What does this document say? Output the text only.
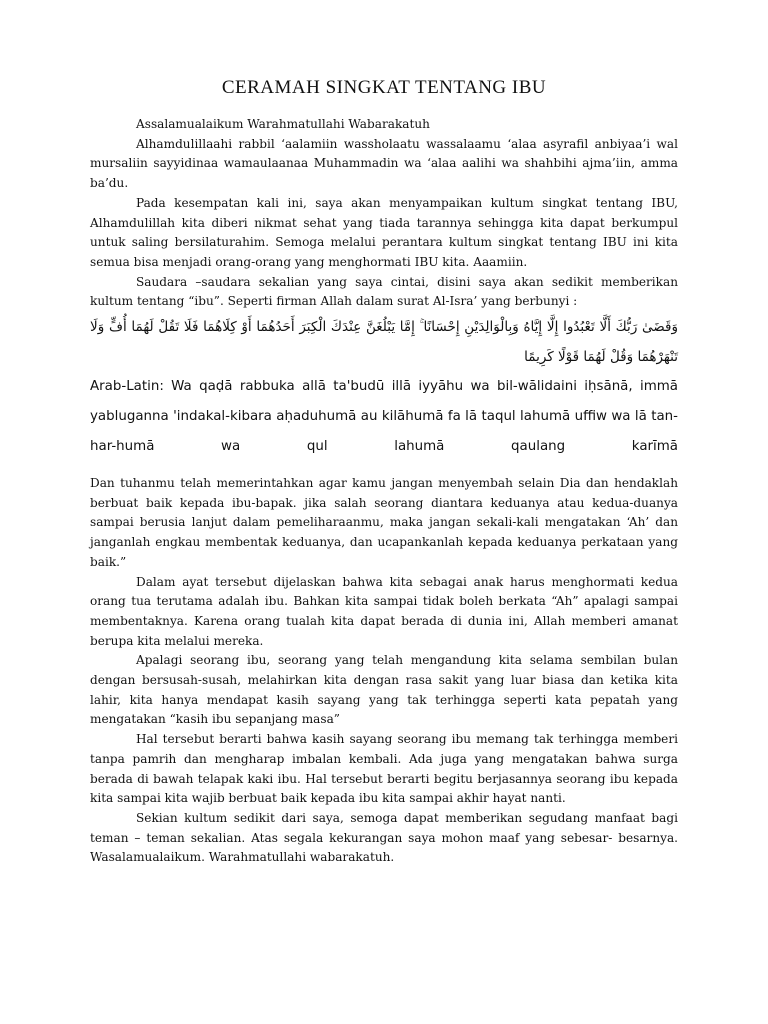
CERAMAH SINGKAT TENTANG IBU

Assalamualaikum Warahmatullahi Wabarakatuh

Alhamdulillaahi rabbil ‘aalamiin wassholaatu wassalaamu ‘alaa asyrafil anbiyaa’i wal mursaliin sayyidinaa wamaulaanaa Muhammadin wa ‘alaa aalihi wa shahbihi ajma’iin, amma ba’du.

Pada kesempatan kali ini, saya akan menyampaikan kultum singkat tentang IBU, Alhamdulillah kita diberi nikmat sehat yang tiada tarannya sehingga kita dapat berkumpul untuk saling bersilaturahim. Semoga melalui perantara kultum singkat tentang IBU ini kita semua bisa menjadi orang-orang yang menghormati IBU kita. Aaamiin.

Saudara –saudara sekalian yang saya cintai, disini saya akan sedikit memberikan kultum tentang “ibu”. Seperti firman Allah dalam surat Al-Isra’ yang berbunyi :

وَقَضَىٰ رَبُّكَ أَلَّا تَعْبُدُوا إِلَّا إِيَّاهُ وَبِالْوَالِدَيْنِ إِحْسَانًا ۚ إِمَّا يَبْلُغَنَّ عِنْدَكَ الْكِبَرَ أَحَدُهُمَا أَوْ كِلَاهُمَا فَلَا تَقُلْ لَهُمَا أُفٍّ وَلَا تَنْهَرْهُمَا وَقُلْ لَهُمَا قَوْلًا كَرِيمًا

Arab-Latin: Wa qaḍā rabbuka allā ta'budū illā iyyāhu wa bil-wālidaini iḥsānā, immā yabluganna 'indakal-kibara aḥaduhumā au kilāhumā fa lā taqul lahumā uffiw wa lā tan-har-humā wa qul lahumā qaulang karīmā

Dan tuhanmu telah memerintahkan agar kamu jangan menyembah selain Dia dan hendaklah berbuat baik kepada ibu-bapak. jika salah seorang diantara keduanya atau kedua-duanya sampai berusia lanjut dalam pemeliharaanmu, maka jangan sekali-kali mengatakan ‘Ah’ dan janganlah engkau membentak keduanya, dan ucapankanlah kepada keduanya perkataan yang baik.”

Dalam ayat tersebut dijelaskan bahwa kita sebagai anak harus menghormati kedua orang tua terutama adalah ibu. Bahkan kita sampai tidak boleh berkata “Ah” apalagi sampai membentaknya. Karena orang tualah kita dapat berada di dunia ini, Allah memberi amanat berupa kita melalui mereka.

Apalagi seorang ibu, seorang yang telah mengandung kita selama sembilan bulan dengan bersusah-susah, melahirkan kita dengan rasa sakit yang luar biasa dan ketika kita lahir, kita hanya mendapat kasih sayang yang tak terhingga seperti kata pepatah yang mengatakan “kasih ibu sepanjang masa”

Hal tersebut berarti bahwa kasih sayang seorang ibu memang tak terhingga memberi tanpa pamrih dan mengharap imbalan kembali. Ada juga yang mengatakan bahwa surga berada di bawah telapak kaki ibu. Hal tersebut berarti begitu berjasannya seorang ibu kepada kita sampai kita wajib berbuat baik kepada ibu kita sampai akhir hayat nanti.

Sekian kultum sedikit dari saya, semoga dapat memberikan segudang manfaat bagi teman – teman sekalian. Atas segala kekurangan saya mohon maaf yang sebesar- besarnya. Wasalamualaikum. Warahmatullahi wabarakatuh.
